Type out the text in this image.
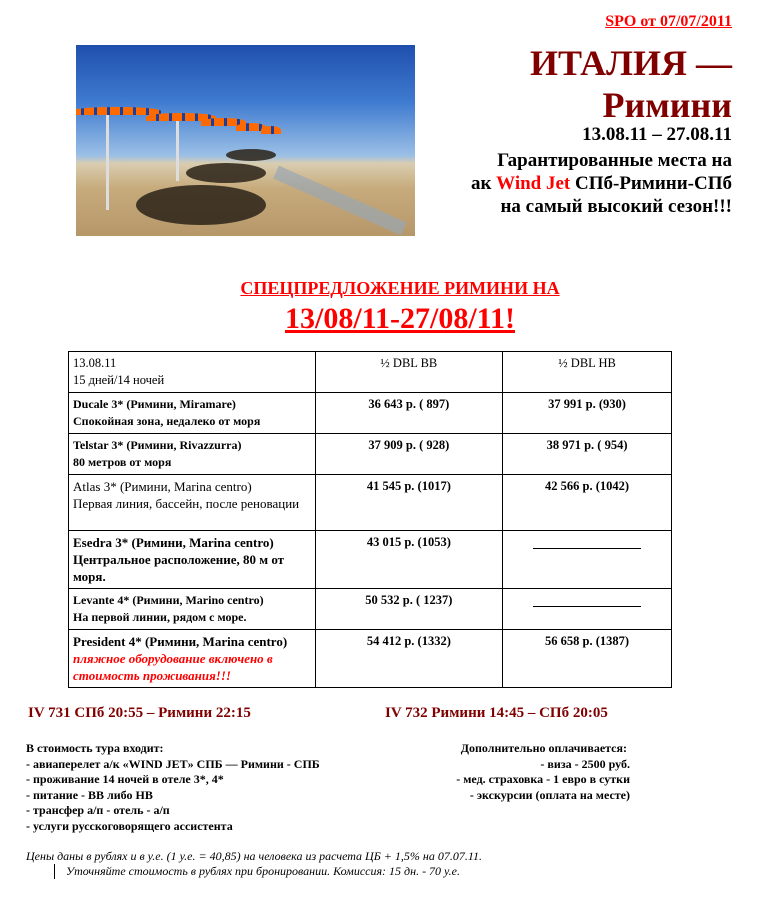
SPO от 07/07/2011
ИТАЛИЯ —
Римини
13.08.11 – 27.08.11
Гарантированные места на
ак Wind Jet СПб-Римини-СПб
на самый высокий сезон!!!
СПЕЦПРЕДЛОЖЕНИЕ РИМИНИ НА
13/08/11-27/08/11!
13.08.11
15 дней/14 ночей	½ DBL BB	½ DBL HB

Ducale 3* (Римини, Miramare)
Спокойная зона, недалеко от моря	36 643 р. ( 897)	37 991 р. (930)

Telstar 3* (Римини, Rivazzurra)
80 метров от моря	37 909 р. ( 928)	38 971 р. ( 954)

Atlas 3* (Римини, Marina centro)
Первая линия, бассейн, после реновации	41 545 р. (1017)	42 566 р. (1042)

Esedra 3* (Римини, Marina centro)
Центральное расположение, 80 м от моря.	43 015 р. (1053)	

Levante 4* (Римини, Marino centro)
На первой линии, рядом с море.	50 532 р. ( 1237)	

President 4* (Римини, Marina centro)
пляжное оборудование включено в стоимость проживания!!!	54 412 р. (1332)	56 658 р. (1387)
IV 731 СПб 20:55 – Римини 22:15	IV 732 Римини 14:45 – СПб 20:05
В стоимость тура входит:
- авиаперелет а/к «WIND JET» СПБ — Римини - СПБ
- проживание 14 ночей в отеле 3*, 4*
- питание - BB либо HB
- трансфер а/п - отель - а/п
- услуги русскоговорящего ассистента
Дополнительно оплачивается:
- виза - 2500 руб.
- мед. страховка - 1 евро в сутки
- экскурсии (оплата на месте)
Цены даны в рублях и в у.е. (1 у.е. = 40,85) на человека из расчета ЦБ + 1,5% на 07.07.11.
Уточняйте стоимость в рублях при бронировании. Комиссия: 15 дн. - 70 у.е.
